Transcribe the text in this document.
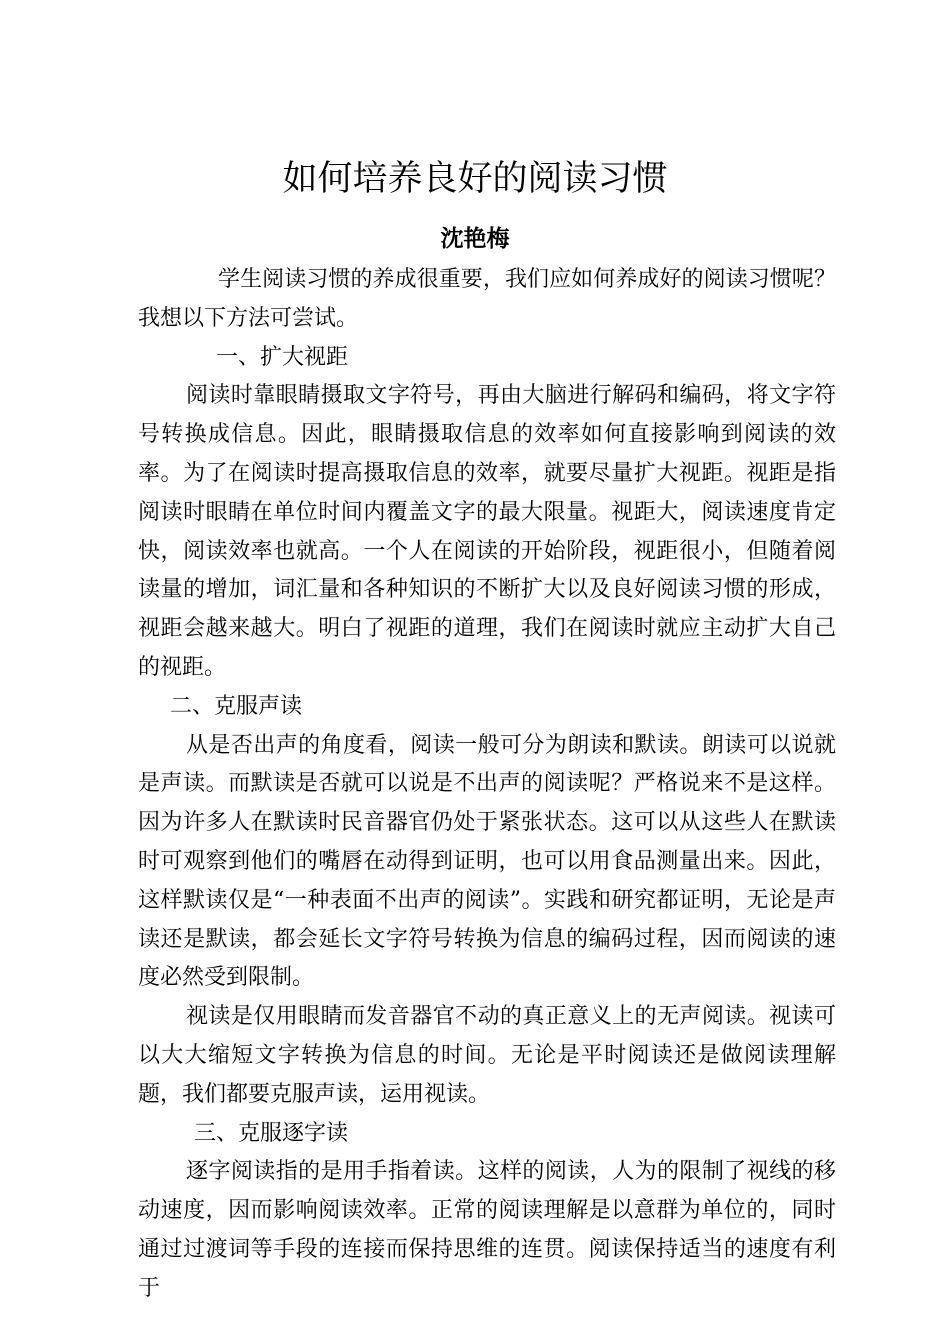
如何培养良好的阅读习惯
沈艳梅

学生阅读习惯的养成很重要，我们应如何养成好的阅读习惯呢？我想以下方法可尝试。

一、扩大视距

阅读时靠眼睛摄取文字符号，再由大脑进行解码和编码，将文字符号转换成信息。因此，眼睛摄取信息的效率如何直接影响到阅读的效率。为了在阅读时提高摄取信息的效率，就要尽量扩大视距。视距是指阅读时眼睛在单位时间内覆盖文字的最大限量。视距大，阅读速度肯定快，阅读效率也就高。一个人在阅读的开始阶段，视距很小，但随着阅读量的增加，词汇量和各种知识的不断扩大以及良好阅读习惯的形成，视距会越来越大。明白了视距的道理，我们在阅读时就应主动扩大自己的视距。

二、克服声读

从是否出声的角度看，阅读一般可分为朗读和默读。朗读可以说就是声读。而默读是否就可以说是不出声的阅读呢？严格说来不是这样。因为许多人在默读时民音器官仍处于紧张状态。这可以从这些人在默读时可观察到他们的嘴唇在动得到证明，也可以用食品测量出来。因此，这样默读仅是“一种表面不出声的阅读”。实践和研究都证明，无论是声读还是默读，都会延长文字符号转换为信息的编码过程，因而阅读的速度必然受到限制。

视读是仅用眼睛而发音器官不动的真正意义上的无声阅读。视读可以大大缩短文字转换为信息的时间。无论是平时阅读还是做阅读理解题，我们都要克服声读，运用视读。

三、克服逐字读

逐字阅读指的是用手指着读。这样的阅读，人为的限制了视线的移动速度，因而影响阅读效率。正常的阅读理解是以意群为单位的，同时通过过渡词等手段的连接而保持思维的连贯。阅读保持适当的速度有利于
